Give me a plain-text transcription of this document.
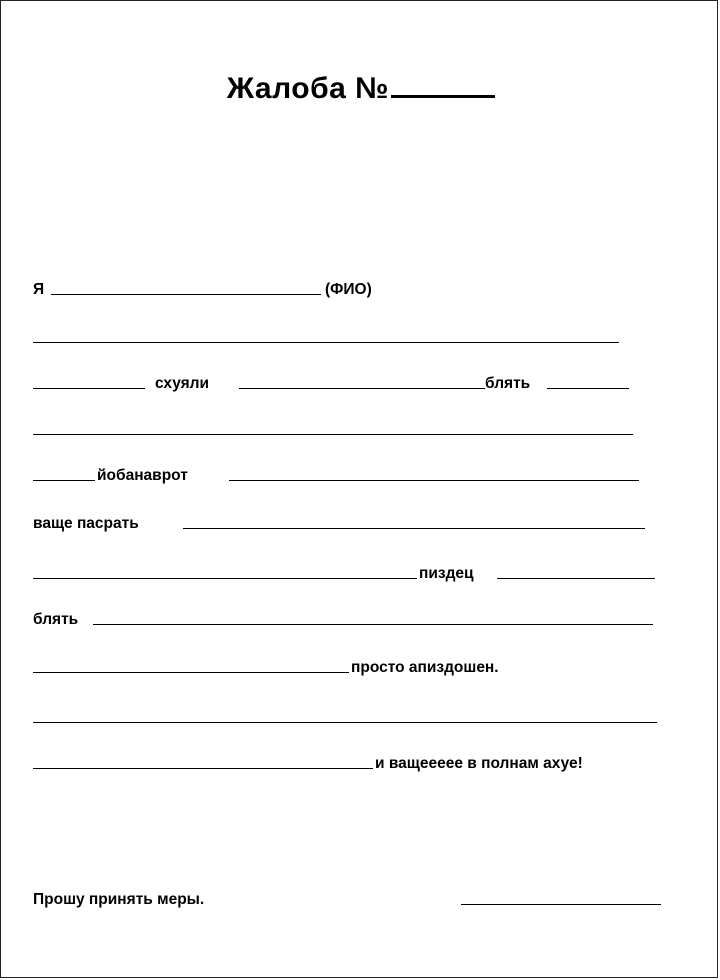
Жалоба №
Я	(ФИО)
схуяли	блять
йобанаврот
ваще пасрать
пиздец
блять
просто апиздошен.
и ващеееее в полнам ахуе!
Прошу принять меры.
